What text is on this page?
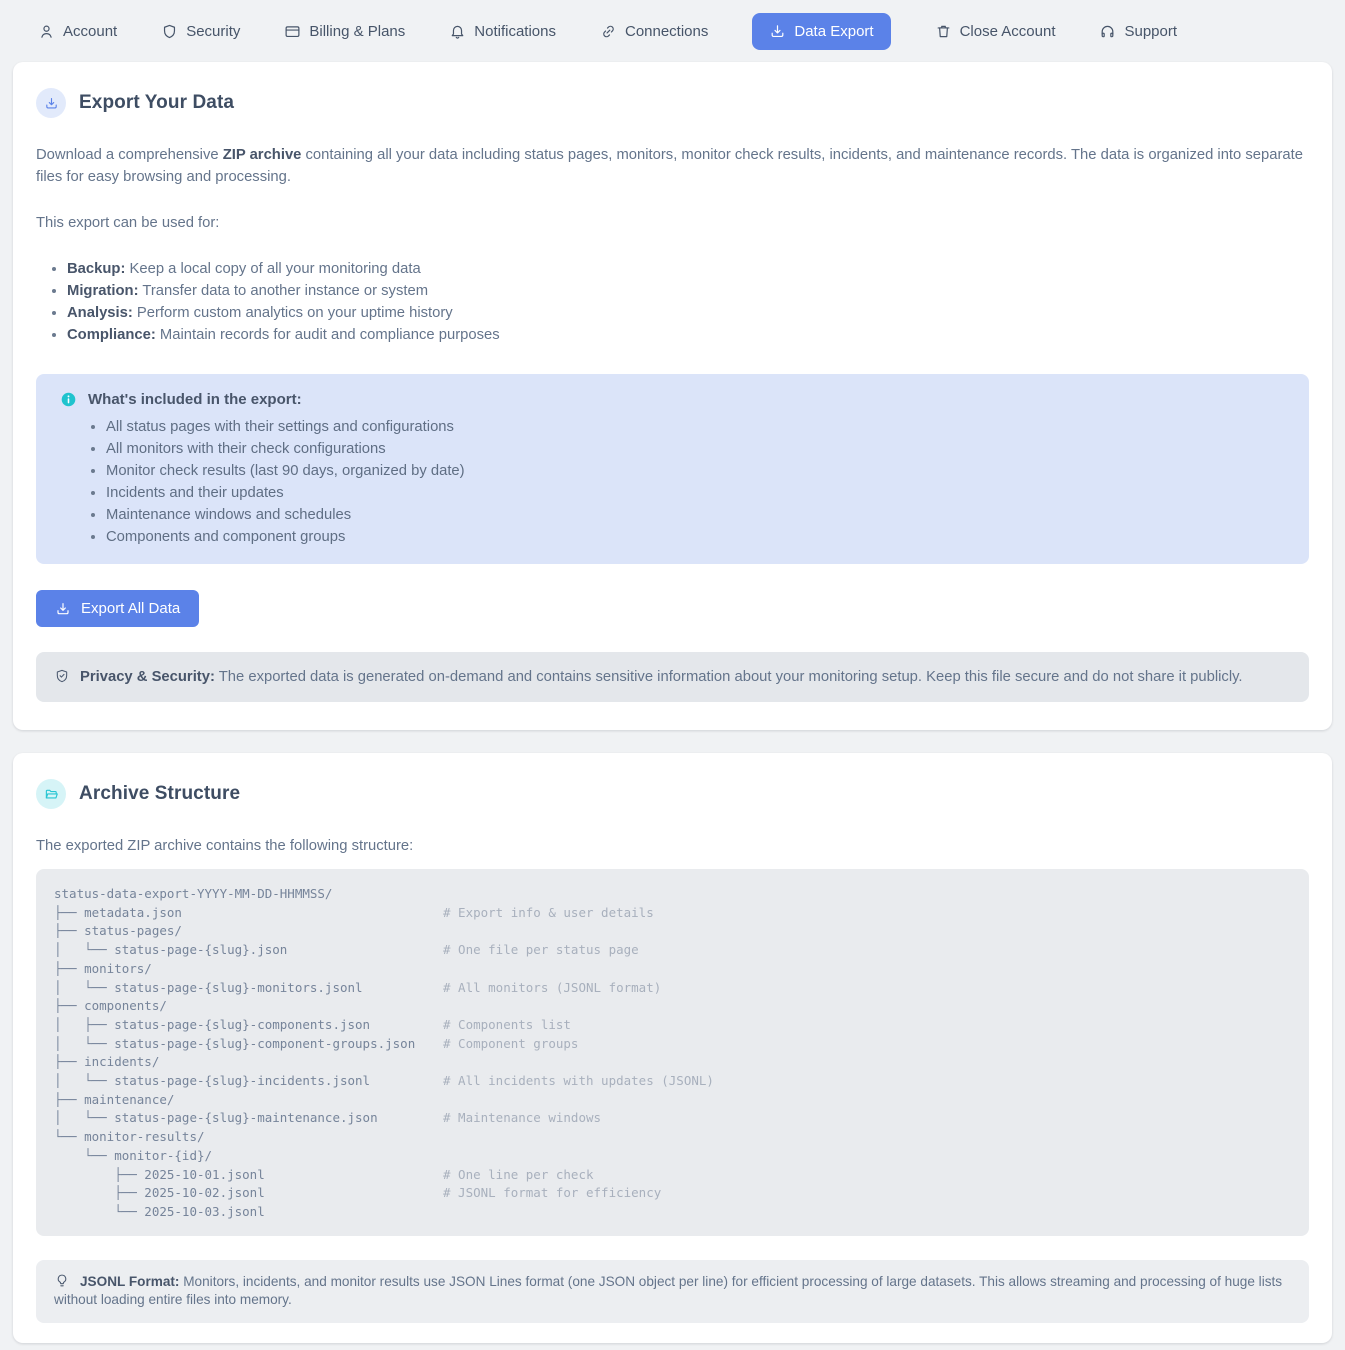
Account	Security	Billing & Plans	Notifications	Connections	Data Export	Close Account	Support
Export Your Data

Download a comprehensive ZIP archive containing all your data including status pages, monitors, monitor check results, incidents, and maintenance records. The data is organized into separate files for easy browsing and processing.

This export can be used for:

• Backup: Keep a local copy of all your monitoring data
• Migration: Transfer data to another instance or system
• Analysis: Perform custom analytics on your uptime history
• Compliance: Maintain records for audit and compliance purposes
What's included in the export:
• All status pages with their settings and configurations
• All monitors with their check configurations
• Monitor check results (last 90 days, organized by date)
• Incidents and their updates
• Maintenance windows and schedules
• Components and component groups
Export All Data

Privacy & Security: The exported data is generated on-demand and contains sensitive information about your monitoring setup. Keep this file secure and do not share it publicly.

Archive Structure

The exported ZIP archive contains the following structure:

status-data-export-YYYY-MM-DD-HHMMSS/
├── metadata.json	# Export info & user details
├── status-pages/
│   └── status-page-{slug}.json	# One file per status page
├── monitors/
│   └── status-page-{slug}-monitors.jsonl	# All monitors (JSONL format)
├── components/
│   ├── status-page-{slug}-components.json	# Components list
│   └── status-page-{slug}-component-groups.json # Component groups
├── incidents/
│   └── status-page-{slug}-incidents.jsonl	# All incidents with updates (JSONL)
├── maintenance/
│   └── status-page-{slug}-maintenance.json	# Maintenance windows
└── monitor-results/
└── monitor-{id}/
├── 2025-10-01.jsonl	# One line per check
├── 2025-10-02.jsonl	# JSONL format for efficiency
└── 2025-10-03.jsonl

JSONL Format: Monitors, incidents, and monitor results use JSON Lines format (one JSON object per line) for efficient processing of large datasets. This allows streaming and processing of huge lists without loading entire files into memory.
